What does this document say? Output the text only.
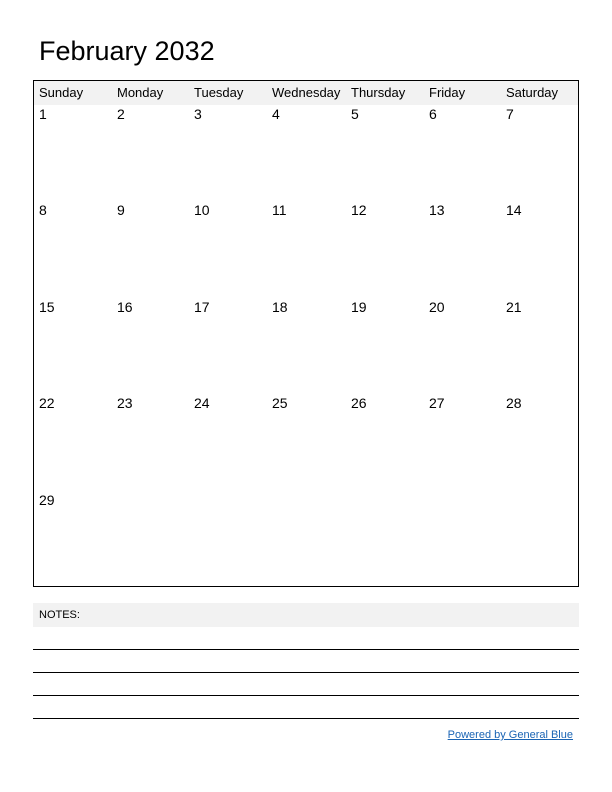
February 2032
Sunday	Monday Tuesday Wednesday Thursday Friday	Saturday
1	2	3	4	5	6	7
8	9	10	11	12	13	14
15	16	17	18	19	20	21
22	23	24	25	26	27	28
29
NOTES:
Powered by General Blue
